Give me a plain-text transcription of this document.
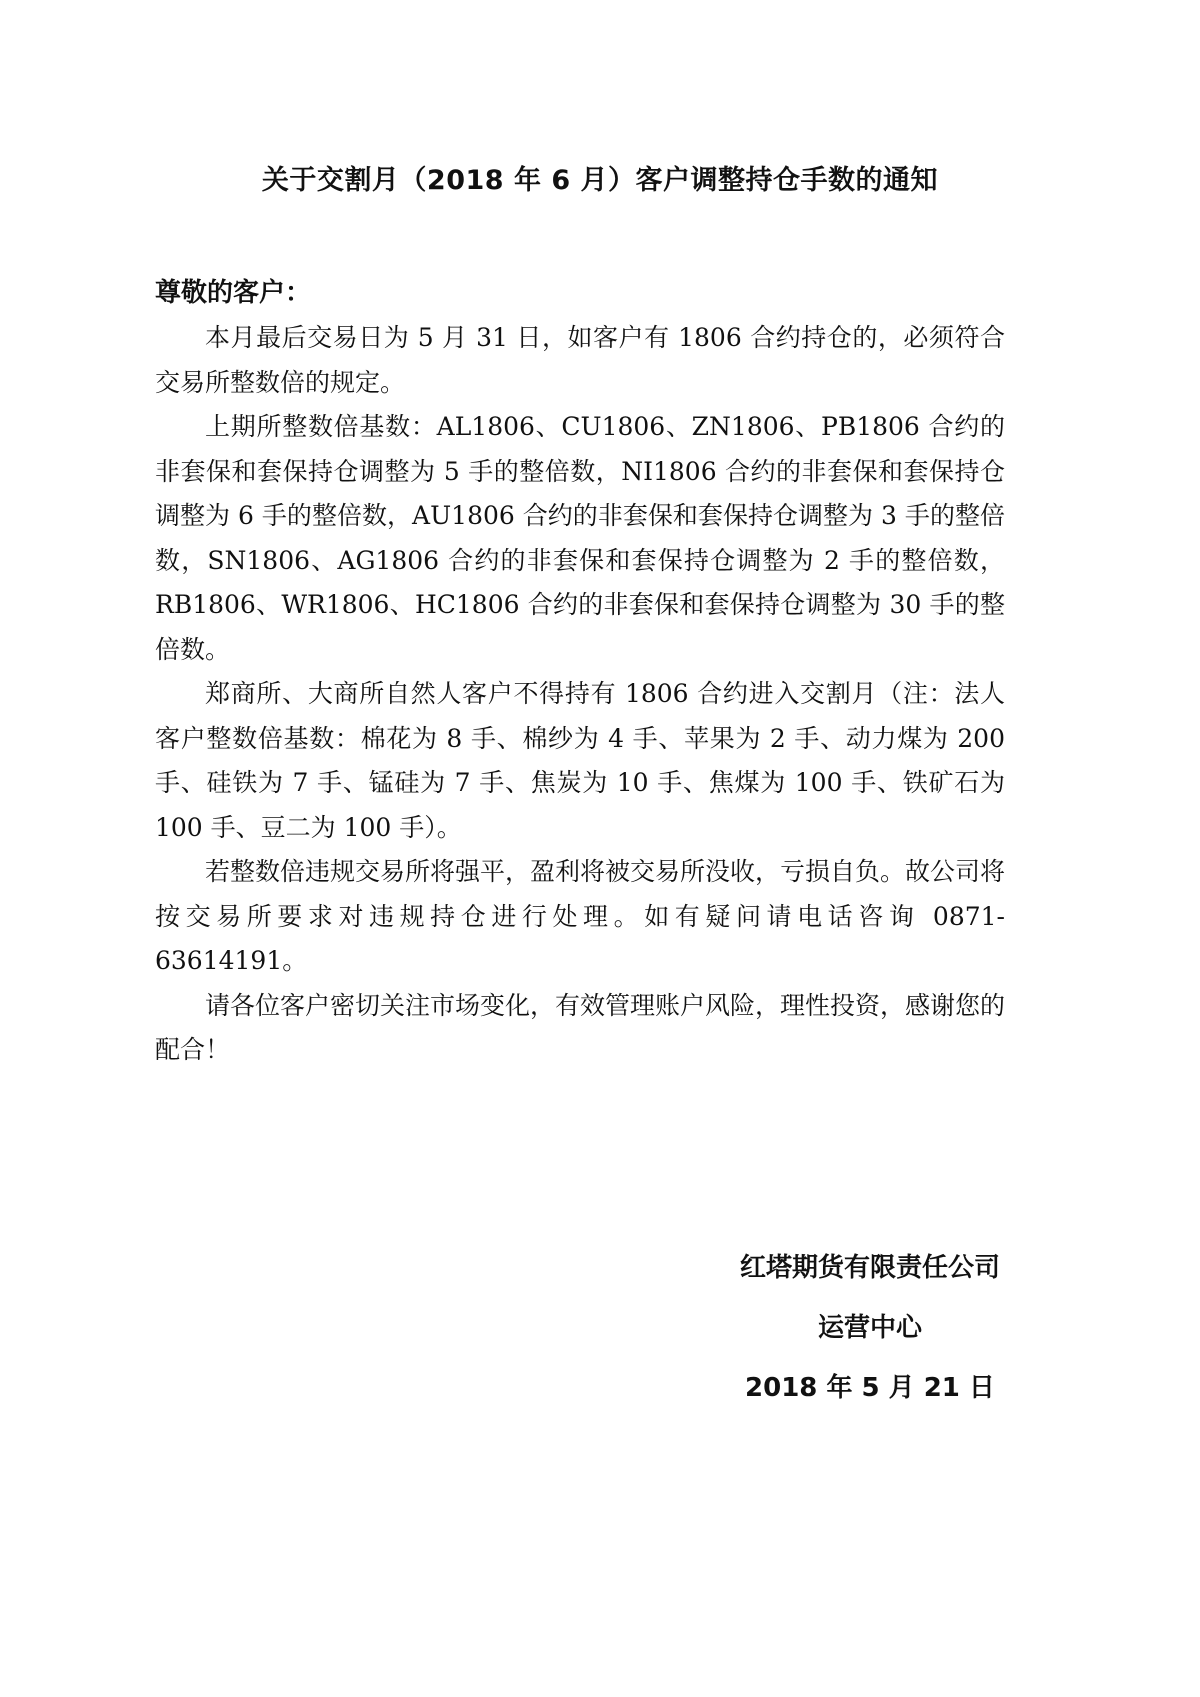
关于交割月（2018 年 6 月）客户调整持仓手数的通知
尊敬的客户：

本月最后交易日为 5 月 31 日，如客户有 1806 合约持仓的，必须符合交易所整数倍的规定。

上期所整数倍基数：AL1806、CU1806、ZN1806、PB1806 合约的非套保和套保持仓调整为 5 手的整倍数，NI1806 合约的非套保和套保持仓调整为 6 手的整倍数，AU1806 合约的非套保和套保持仓调整为 3 手的整倍数，SN1806、AG1806 合约的非套保和套保持仓调整为 2 手的整倍数，RB1806、WR1806、HC1806 合约的非套保和套保持仓调整为 30 手的整倍数。

郑商所、大商所自然人客户不得持有 1806 合约进入交割月（注：法人客户整数倍基数：棉花为 8 手、棉纱为 4 手、苹果为 2 手、动力煤为 200 手、硅铁为 7 手、锰硅为 7 手、焦炭为 10 手、焦煤为 100 手、铁矿石为 100 手、豆二为 100 手）。

若整数倍违规交易所将强平，盈利将被交易所没收，亏损自负。故公司将按交易所要求对违规持仓进行处理。如有疑问请电话咨询 0871-63614191。

请各位客户密切关注市场变化，有效管理账户风险，理性投资，感谢您的配合！

红塔期货有限责任公司
运营中心
2018 年 5 月 21 日
